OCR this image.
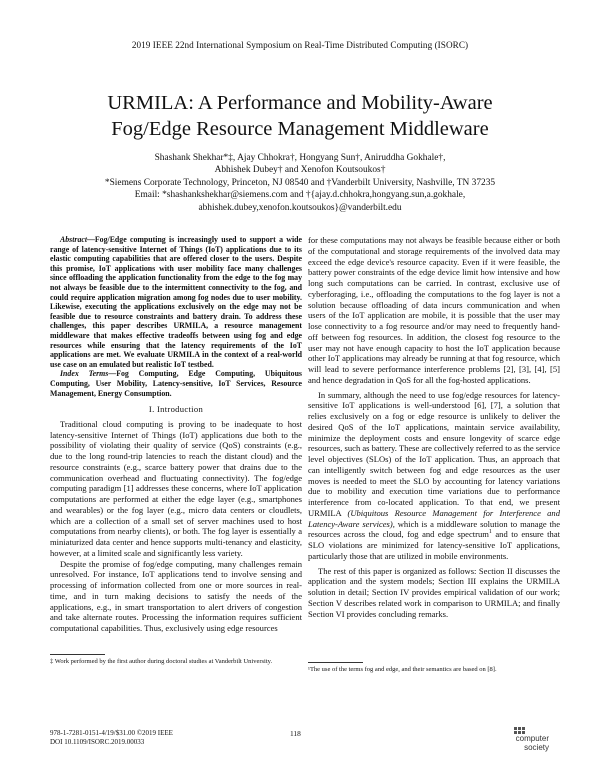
2019 IEEE 22nd International Symposium on Real-Time Distributed Computing (ISORC)
URMILA: A Performance and Mobility-Aware
Fog/Edge Resource Management Middleware

Shashank Shekhar*‡, Ajay Chhokra†, Hongyang Sun†, Aniruddha Gokhale†,

Abhishek Dubey† and Xenofon Koutsoukos†

*Siemens Corporate Technology, Princeton, NJ 08540 and †Vanderbilt University, Nashville, TN 37235

Email: *shashankshekhar@siemens.com and †{ajay.d.chhokra,hongyang.sun,a.gokhale,

abhishek.dubey,xenofon.koutsoukos}@vanderbilt.edu

Abstract—Fog/Edge computing is increasingly used to support a wide range of latency-sensitive Internet of Things (IoT) applications due to its elastic computing capabilities that are offered closer to the users. Despite this promise, IoT applications with user mobility face many challenges since offloading the application functionality from the edge to the fog may not always be feasible due to the intermittent connectivity to the fog, and could require application migration among fog nodes due to user mobility. Likewise, executing the applications exclusively on the edge may not be feasible due to resource constraints and battery drain. To address these challenges, this paper describes URMILA, a resource management middleware that makes effective tradeoffs between using fog and edge resources while ensuring that the latency requirements of the IoT applications are met. We evaluate URMILA in the context of a real-world use case on an emulated but realistic IoT testbed.

Index Terms—Fog Computing, Edge Computing, Ubiquitous Computing, User Mobility, Latency-sensitive, IoT Services, Resource Management, Energy Consumption.

I. Introduction

Traditional cloud computing is proving to be inadequate to host latency-sensitive Internet of Things (IoT) applications due both to the possibility of violating their quality of service (QoS) constraints (e.g., due to the long round-trip latencies to reach the distant cloud) and the resource constraints (e.g., scarce battery power that drains due to the communication overhead and fluctuating connectivity). The fog/edge computing paradigm [1] addresses these concerns, where IoT application computations are performed at either the edge layer (e.g., smartphones and wearables) or the fog layer (e.g., micro data centers or cloudlets, which are a collection of a small set of server machines used to host computations from nearby clients), or both. The fog layer is essentially a miniaturized data center and hence supports multi-tenancy and elasticity, however, at a limited scale and significantly less variety.

Despite the promise of fog/edge computing, many challenges remain unresolved. For instance, IoT applications tend to involve sensing and processing of information collected from one or more sources in real-time, and in turn making decisions to satisfy the needs of the applications, e.g., in smart transportation to alert drivers of congestion and take alternate routes. Processing the information requires sufficient computational capabilities. Thus, exclusively using edge resources

for these computations may not always be feasible because either or both of the computational and storage requirements of the involved data may exceed the edge device's resource capacity. Even if it were feasible, the battery power constraints of the edge device limit how intensive and how long such computations can be carried. In contrast, exclusive use of cyberforaging, i.e., offloading the computations to the fog layer is not a solution because offloading of data incurs communication and when users of the IoT application are mobile, it is possible that the user may lose connectivity to a fog resource and/or may need to frequently hand-off between fog resources. In addition, the closest fog resource to the user may not have enough capacity to host the IoT application because other IoT applications may already be running at that fog resource, which will lead to severe performance interference problems [2], [3], [4], [5] and hence degradation in QoS for all the fog-hosted applications.

In summary, although the need to use fog/edge resources for latency-sensitive IoT applications is well-understood [6], [7], a solution that relies exclusively on a fog or edge resource is unlikely to deliver the desired QoS of the IoT applications, maintain service availability, minimize the deployment costs and ensure longevity of scarce edge resources, such as battery. These are collectively referred to as the service level objectives (SLOs) of the IoT application. Thus, an approach that can intelligently switch between fog and edge resources as the user moves is needed to meet the SLO by accounting for latency variations due to mobility and execution time variations due to performance interference from co-located application. To that end, we present URMILA (Ubiquitous Resource Management for Interference and Latency-Aware services), which is a middleware solution to manage the resources across the cloud, fog and edge spectrum$^1$ and to ensure that SLO violations are minimized for latency-sensitive IoT applications, particularly those that are utilized in mobile environments.

The rest of this paper is organized as follows: Section II discusses the application and the system models; Section III explains the URMILA solution in detail; Section IV provides empirical validation of our work; Section V describes related work in comparison to URMILA; and finally Section VI provides concluding remarks.

‡ Work performed by the first author during doctoral studies at Vanderbilt University.
¹The use of the terms fog and edge, and their semantics are based on [8].
978-1-7281-0151-4/19/$31.00 ©2019 IEEE
DOI 10.1109/ISORC.2019.00033
118
computer
society
